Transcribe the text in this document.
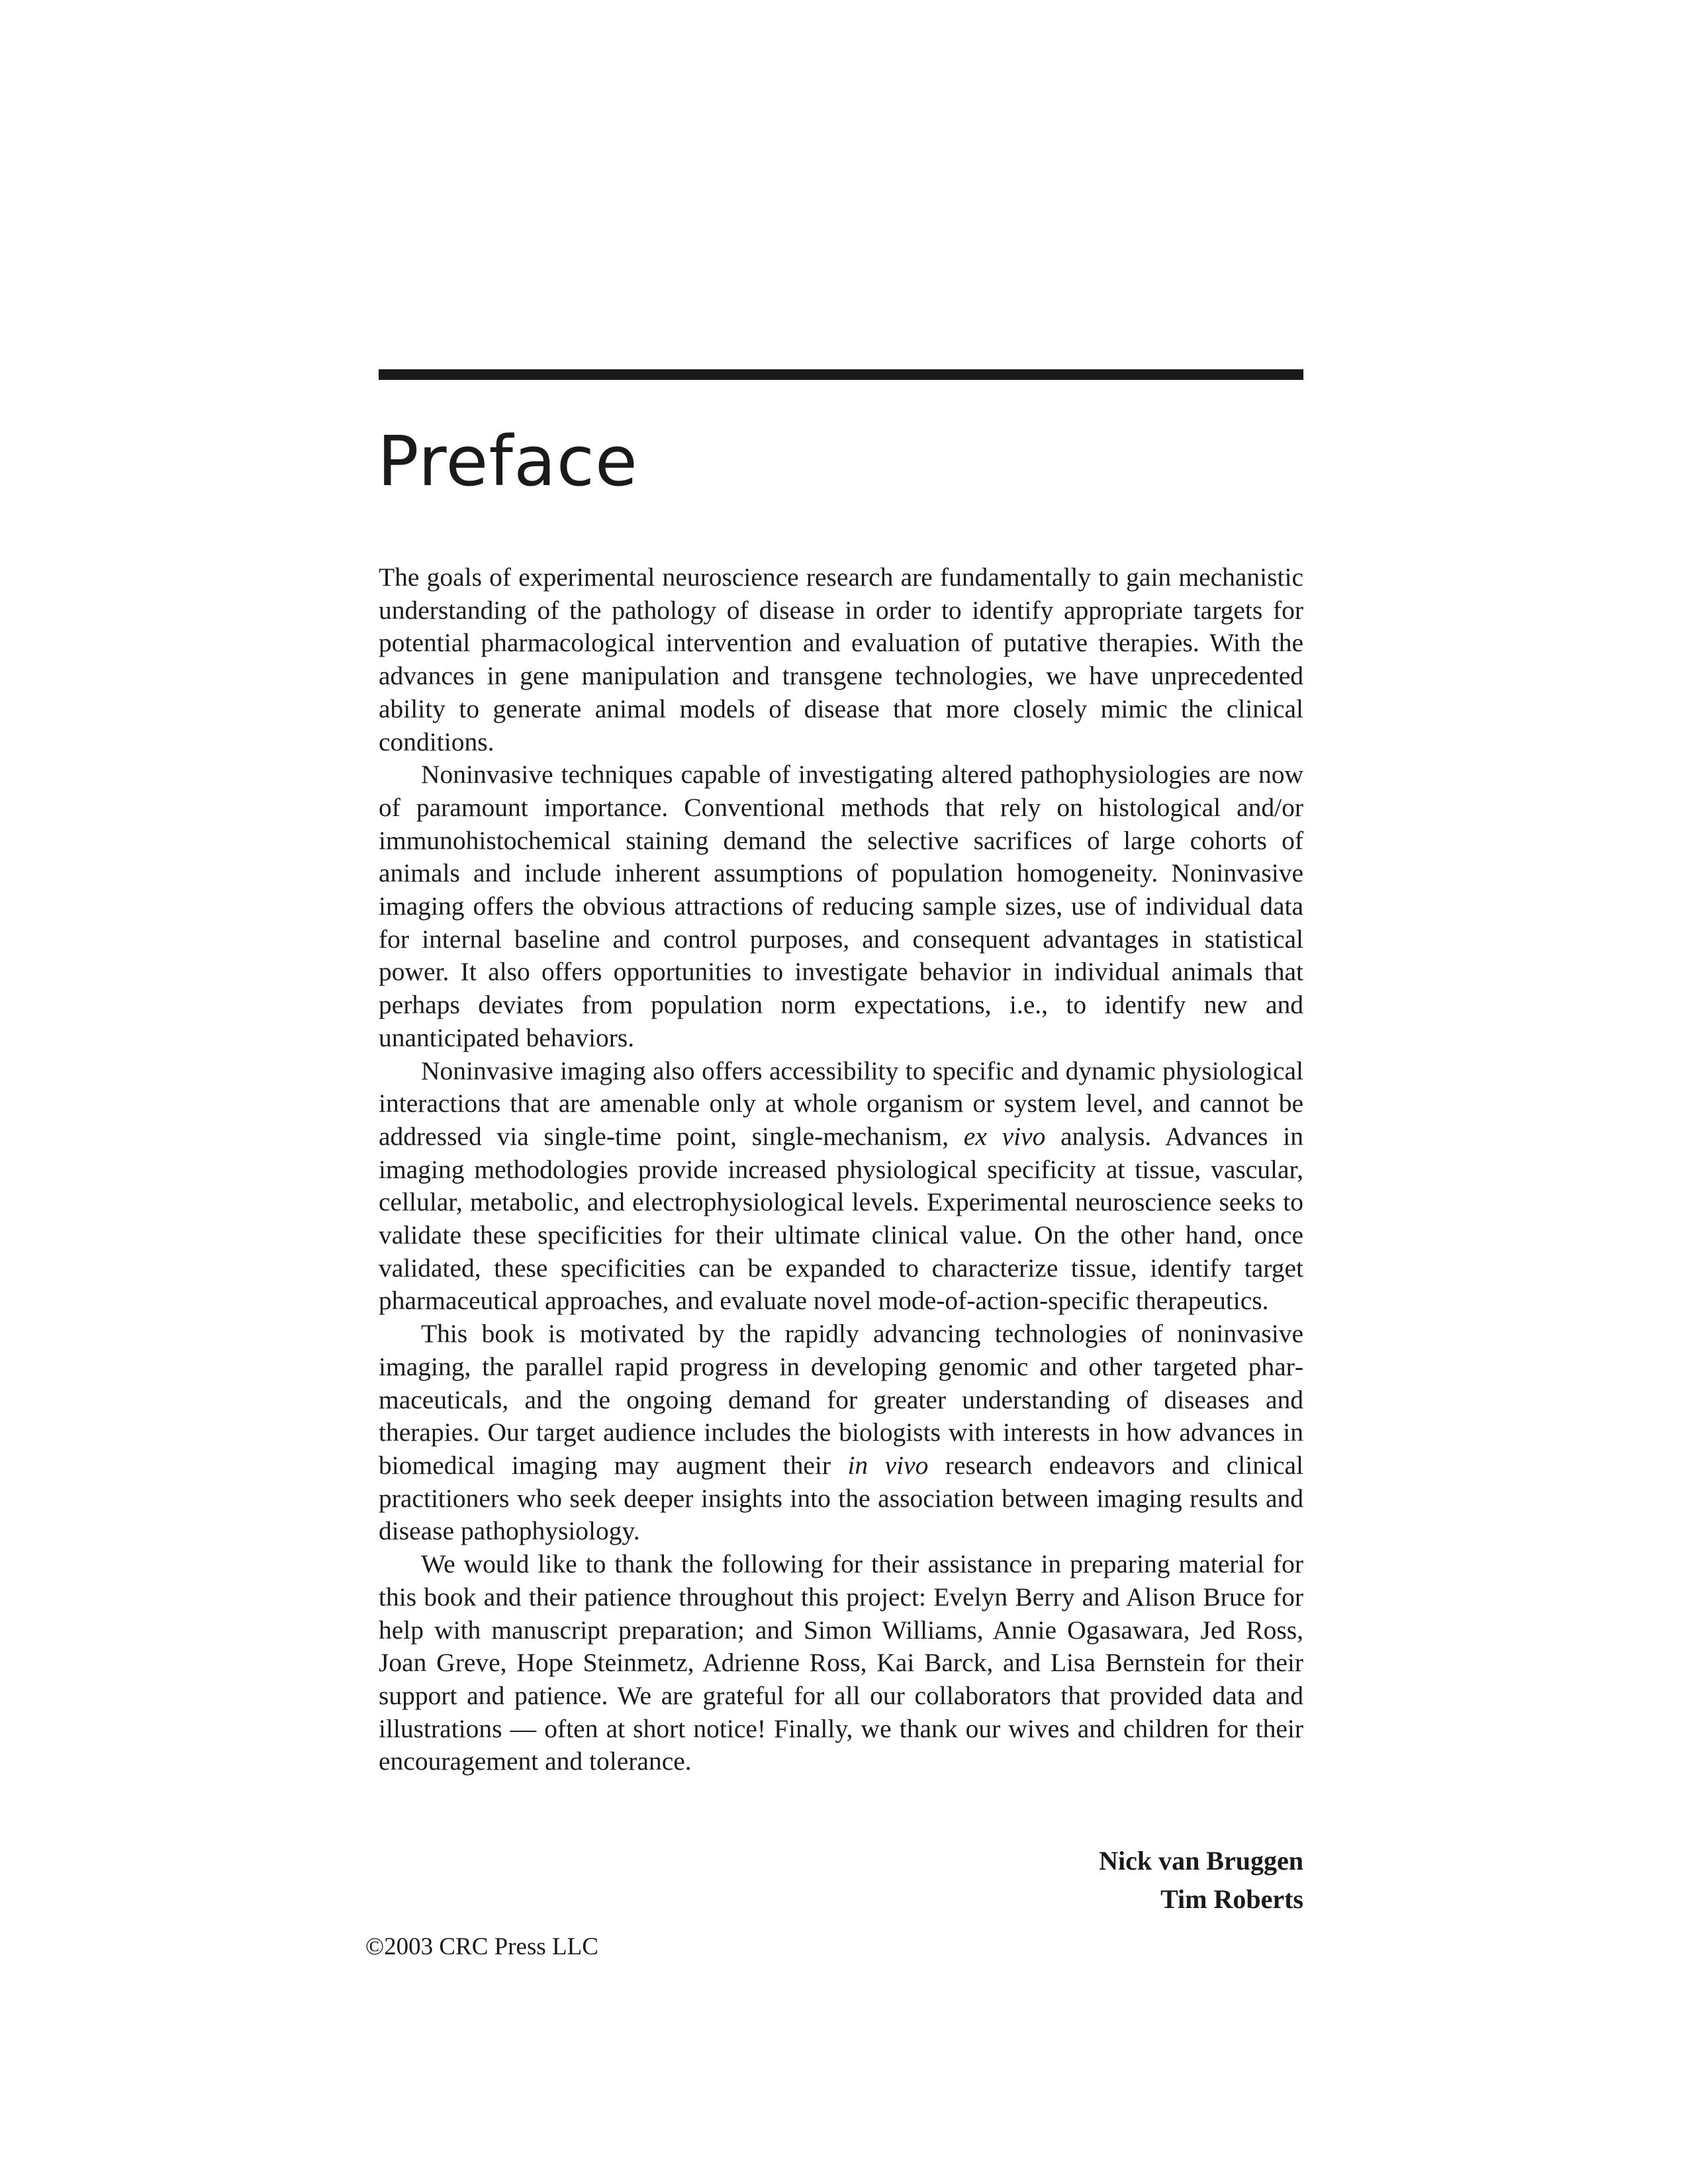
Preface

The goals of experimental neuroscience research are fundamentally to gain mechanistic understanding of the pathology of disease in order to identify appropriate targets for potential pharmacological intervention and evaluation of putative therapies. With the advances in gene manipulation and transgene technologies, we have unprecedented ability to generate animal models of disease that more closely mimic the clinical conditions.

Noninvasive techniques capable of investigating altered pathophysiologies are now of paramount importance. Conventional methods that rely on histological and/or immunohistochemical staining demand the selective sacrifices of large cohorts of animals and include inherent assumptions of population homogeneity. Noninvasive imaging offers the obvious attractions of reducing sample sizes, use of individual data for internal baseline and control purposes, and consequent advantages in statistical power. It also offers opportunities to investigate behavior in individual animals that perhaps deviates from population norm expectations, i.e., to identify new and unanticipated behaviors.

Noninvasive imaging also offers accessibility to specific and dynamic physiological interactions that are amenable only at whole organism or system level, and cannot be addressed via single-time point, single-mechanism, ex vivo analysis. Advances in imaging methodologies provide increased physiological specificity at tissue, vascular, cellular, metabolic, and electrophysiological levels. Experimental neuroscience seeks to validate these specificities for their ultimate clinical value. On the other hand, once validated, these specificities can be expanded to characterize tissue, identify target pharmaceutical approaches, and evaluate novel mode-of-action-specific therapeutics.

This book is motivated by the rapidly advancing technologies of noninvasive imaging, the parallel rapid progress in developing genomic and other targeted pharmaceuticals, and the ongoing demand for greater understanding of diseases and therapies. Our target audience includes the biologists with interests in how advances in biomedical imaging may augment their in vivo research endeavors and clinical practitioners who seek deeper insights into the association between imaging results and disease pathophysiology.

We would like to thank the following for their assistance in preparing material for this book and their patience throughout this project: Evelyn Berry and Alison Bruce for help with manuscript preparation; and Simon Williams, Annie Ogasawara, Jed Ross, Joan Greve, Hope Steinmetz, Adrienne Ross, Kai Barck, and Lisa Bernstein for their support and patience. We are grateful for all our collaborators that provided data and illustrations — often at short notice! Finally, we thank our wives and children for their encouragement and tolerance.

Nick van Bruggen
Tim Roberts
©2003 CRC Press LLC
